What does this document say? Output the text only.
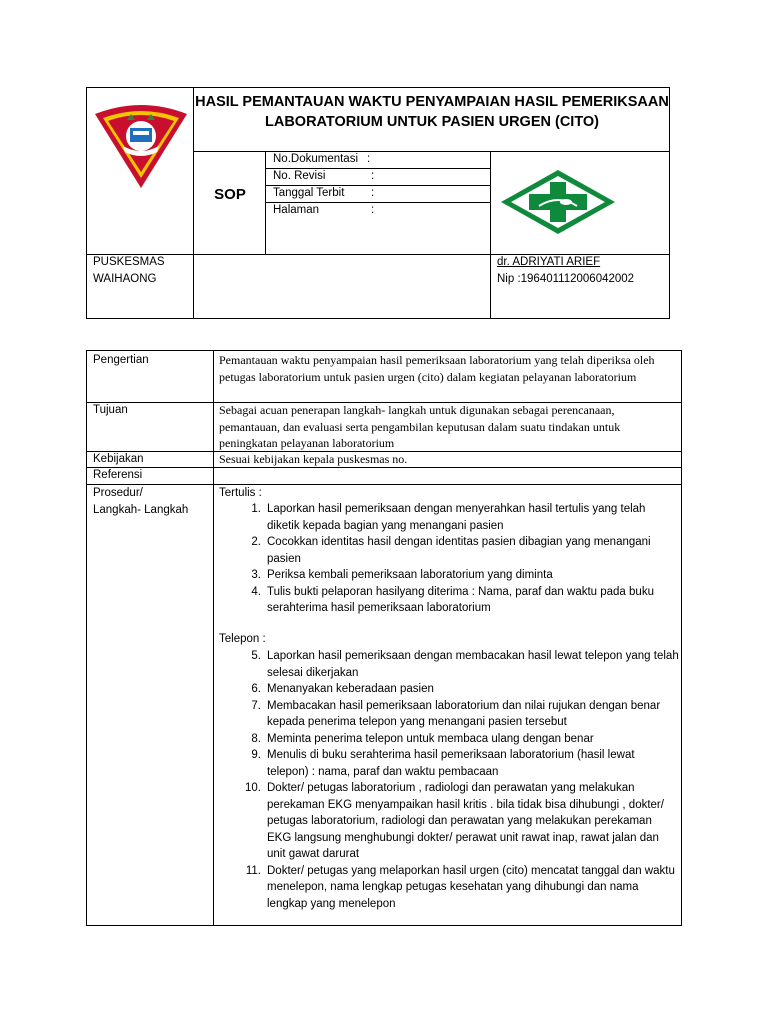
HASIL PEMANTAUAN WAKTU PENYAMPAIAN HASIL PEMERIKSAAN LABORATORIUM UNTUK PASIEN URGEN (CITO)
SOP
No.Dokumentasi :
No. Revisi	:
Tanggal Terbit :
Halaman	:
PUSKESMAS
WAIHAONG
dr. ADRIYATI ARIEF
Nip :196401112006042002
Pengertian	Pemantauan waktu penyampaian hasil pemeriksaan laboratorium yang telah diperiksa oleh petugas laboratorium untuk pasien urgen (cito) dalam kegiatan pelayanan laboratorium
Tujuan	Sebagai acuan penerapan langkah- langkah untuk digunakan sebagai perencanaan, pemantauan, dan evaluasi serta pengambilan keputusan dalam suatu tindakan untuk peningkatan pelayanan laboratorium
Kebijakan	Sesuai kebijakan kepala puskesmas no.
Referensi
Prosedur/
Langkah- Langkah
Tertulis :
1. Laporkan hasil pemeriksaan dengan menyerahkan hasil tertulis yang telah diketik kepada bagian yang menangani pasien
2. Cocokkan identitas hasil dengan identitas pasien dibagian yang menangani pasien
3. Periksa kembali pemeriksaan laboratorium yang diminta
4. Tulis bukti pelaporan hasilyang diterima : Nama, paraf dan waktu pada buku serahterima hasil pemeriksaan laboratorium
Telepon :
5. Laporkan hasil pemeriksaan dengan membacakan hasil lewat telepon yang telah selesai dikerjakan
6. Menanyakan keberadaan pasien
7. Membacakan hasil pemeriksaan laboratorium dan nilai rujukan dengan benar kepada penerima telepon yang menangani pasien tersebut
8. Meminta penerima telepon untuk membaca ulang dengan benar
9. Menulis di buku serahterima hasil pemeriksaan laboratorium (hasil lewat telepon) : nama, paraf dan waktu pembacaan
10. Dokter/ petugas laboratorium , radiologi dan perawatan yang melakukan perekaman EKG menyampaikan hasil kritis . bila tidak bisa dihubungi , dokter/ petugas laboratorium, radiologi dan perawatan yang melakukan perekaman EKG langsung menghubungi dokter/ perawat unit rawat inap, rawat jalan dan unit gawat darurat
11. Dokter/ petugas yang melaporkan hasil urgen (cito) mencatat tanggal dan waktu menelepon, nama lengkap petugas kesehatan yang dihubungi dan nama lengkap yang menelepon
